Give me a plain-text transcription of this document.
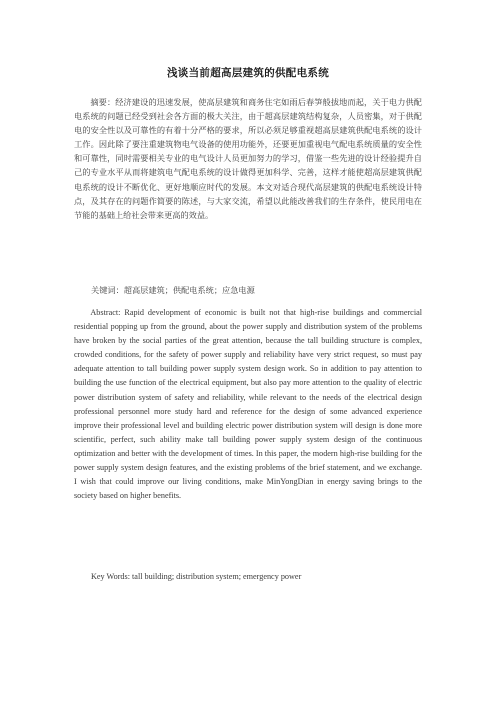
浅谈当前超高层建筑的供配电系统

摘要：经济建设的迅速发展，使高层建筑和商务住宅如雨后春笋般拔地而起，关于电力供配电系统的问题已经受到社会各方面的极大关注，由于超高层建筑结构复杂，人员密集，对于供配电的安全性以及可靠性的有着十分严格的要求，所以必须足够重视超高层建筑供配电系统的设计工作。因此除了要注重建筑物电气设备的使用功能外，还要更加重视电气配电系统质量的安全性和可靠性，同时需要相关专业的电气设计人员更加努力的学习，借鉴一些先进的设计经验提升自己的专业水平从而将建筑电气配电系统的设计做得更加科学、完善，这样才能使超高层建筑供配电系统的设计不断优化、更好地顺应时代的发展。本文对适合现代高层建筑的供配电系统设计特点，及其存在的问题作简要的陈述，与大家交流，希望以此能改善我们的生存条件，使民用电在节能的基础上给社会带来更高的效益。

关键词：超高层建筑；供配电系统；应急电源

Abstract: Rapid development of economic is built not that high-rise buildings and commercial residential popping up from the ground, about the power supply and distribution system of the problems have broken by the social parties of the great attention, because the tall building structure is complex, crowded conditions, for the safety of power supply and reliability have very strict request, so must pay adequate attention to tall building power supply system design work. So in addition to pay attention to building the use function of the electrical equipment, but also pay more attention to the quality of electric power distribution system of safety and reliability, while relevant to the needs of the electrical design professional personnel more study hard and reference for the design of some advanced experience improve their professional level and building electric power distribution system will design is done more scientific, perfect, such ability make tall building power supply system design of the continuous optimization and better with the development of times. In this paper, the modern high-rise building for the power supply system design features, and the existing problems of the brief statement, and we exchange. I wish that could improve our living conditions, make MinYongDian in energy saving brings to the society based on higher benefits.

Key Words: tall building; distribution system; emergency power
